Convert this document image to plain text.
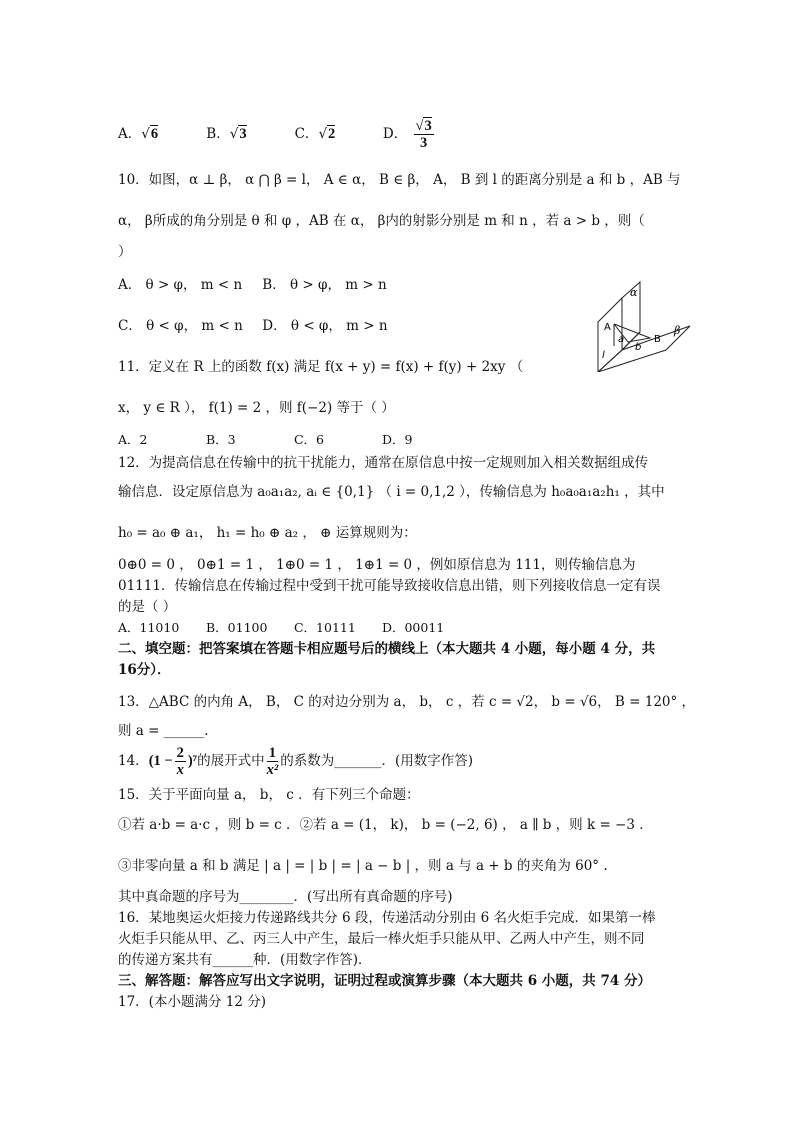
A．√6	B．√3	C．√2	D． $\frac{√3}{3}$
10．如图，α ⊥ β， α ⋂ β = l， A ∈ α， B ∈ β， A， B 到 l 的距离分别是 a 和 b ，AB 与
α， β所成的角分别是 θ 和 φ ，AB 在 α， β内的射影分别是 m 和 n ，若 a > b ，则（
）
A． θ > φ， m < n B． θ > φ， m > n
C． θ < φ， m < n D． θ < φ， m > n
α
A
a
b
B
β
l
11．定义在 R 上的函数 f(x) 满足 f(x + y) = f(x) + f(y) + 2xy （
x， y ∈ R ）， f(1) = 2 ，则 f(−2) 等于（ ）
A．2	B．3	C．6	D．9
12．为提高信息在传输中的抗干扰能力，通常在原信息中按一定规则加入相关数据组成传
输信息．设定原信息为 a₀a₁a₂, aᵢ ∈ {0,1} （ i = 0,1,2 ），传输信息为 h₀a₀a₁a₂h₁ ，其中
h₀ = a₀ ⊕ a₁， h₁ = h₀ ⊕ a₂ ， ⊕ 运算规则为：
0⊕0 = 0 ， 0⊕1 = 1 ， 1⊕0 = 1 ， 1⊕1 = 0 ，例如原信息为 111，则传输信息为
01111．传输信息在传输过程中受到干扰可能导致接收信息出错，则下列接收信息一定有误
的是（ ）
A．11010 B．01100 C．10111 D．00011
二、填空题：把答案填在答题卡相应题号后的横线上（本大题共 4 小题，每小题 4 分，共
16分）．
13．△ABC 的内角 A， B， C 的对边分别为 a， b， c ，若 c = √2， b = √6， B = 120° ，
则 a = ______.
14．$(1 - \frac{2}{x} )^7$的展开式中 $\frac{1}{\text{x²}}$ 的系数为_______．(用数字作答)
15．关于平面向量 a， b， c ．有下列三个命题：
①若 a·b = a·c ，则 b = c ．②若 a = (1， k)， b = (−2, 6) ， a ∥ b ，则 k = −3 ．
③非零向量 a 和 b 满足 | a | = | b | = | a − b | ，则 a 与 a + b 的夹角为 60° .
其中真命题的序号为________．(写出所有真命题的序号)
16．某地奥运火炬接力传递路线共分 6 段，传递活动分别由 6 名火炬手完成．如果第一棒
火炬手只能从甲、乙、丙三人中产生，最后一棒火炬手只能从甲、乙两人中产生，则不同
的传递方案共有______种．(用数字作答)．
三、解答题：解答应写出文字说明，证明过程或演算步骤（本大题共 6 小题，共 74 分）
17．(本小题满分 12 分)
